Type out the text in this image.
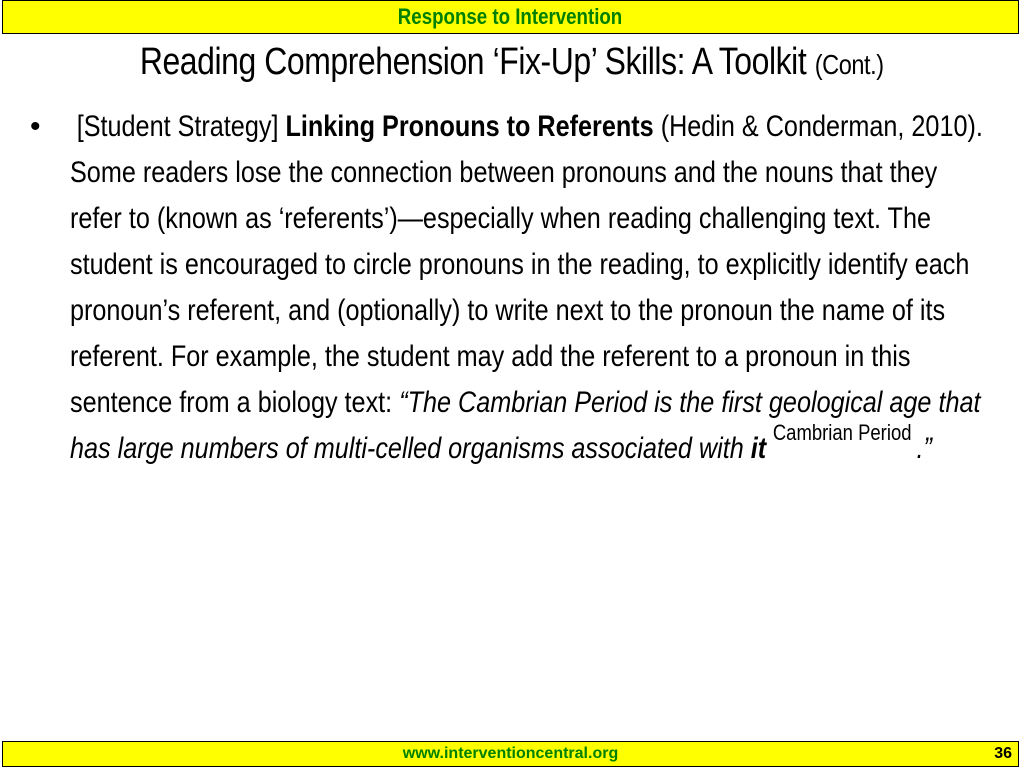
Response to Intervention
Reading Comprehension ‘Fix-Up’ Skills: A Toolkit (Cont.)
• [Student Strategy] Linking Pronouns to Referents (Hedin & Conderman, 2010). Some readers lose the connection between pronouns and the nouns that they refer to (known as ‘referents’)—especially when reading challenging text. The student is encouraged to circle pronouns in the reading, to explicitly identify each pronoun’s referent, and (optionally) to write next to the pronoun the name of its referent. For example, the student may add the referent to a pronoun in this sentence from a biology text: “The Cambrian Period is the first geological age that has large numbers of multi-celled organisms associated with it $^{Cambrian Period}$ .”
www.interventioncentral.org	36
